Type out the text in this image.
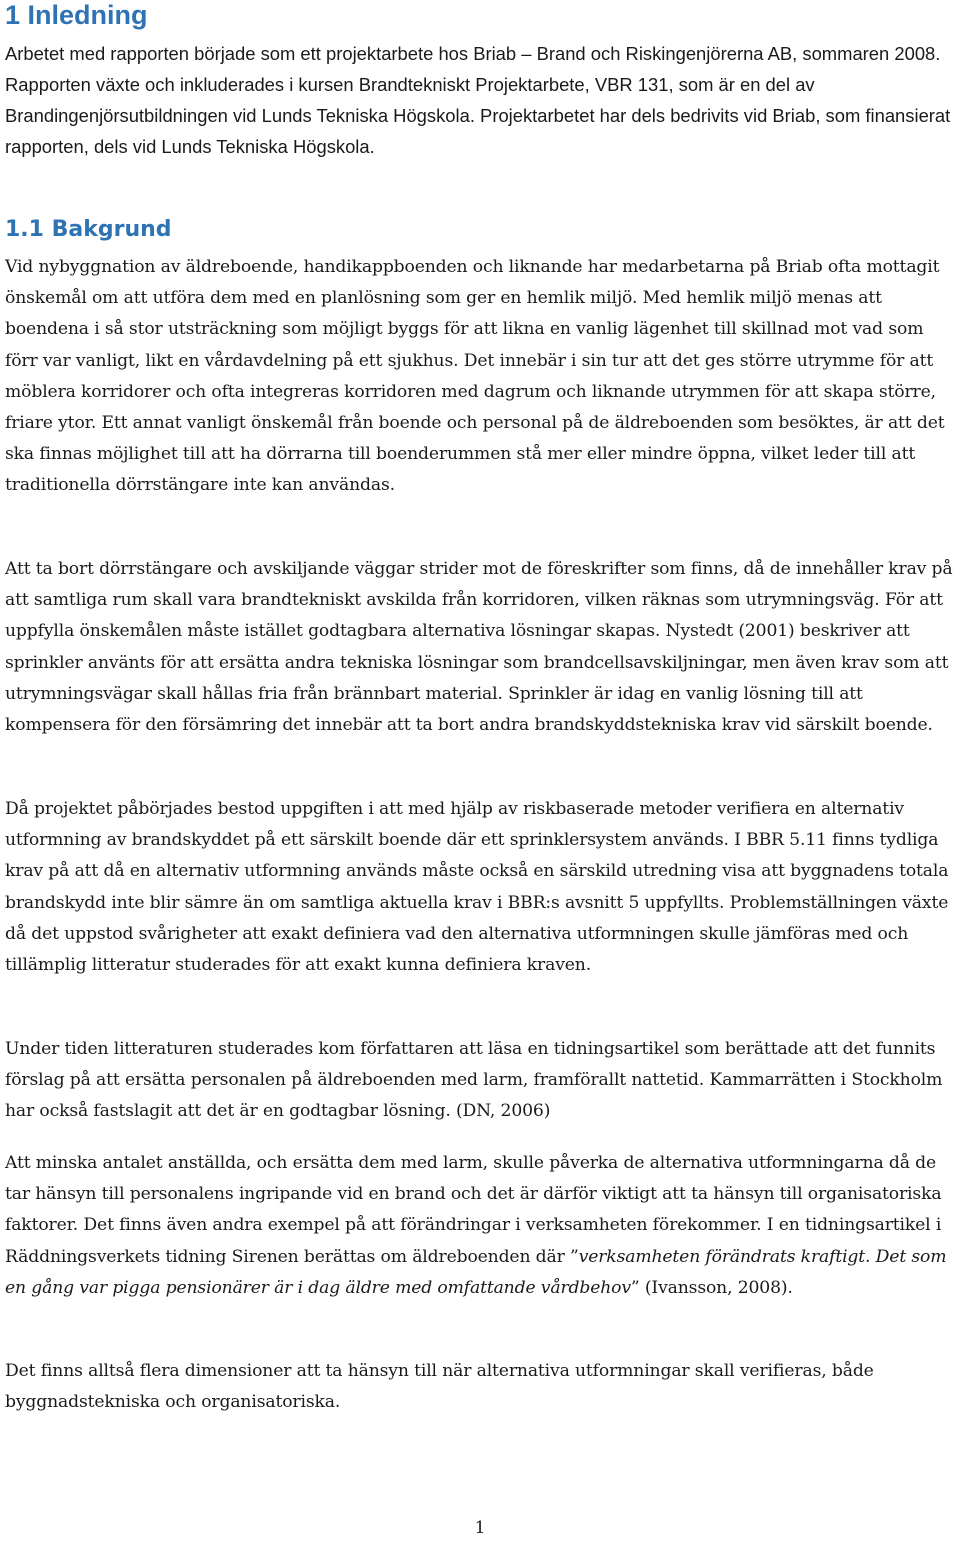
1 Inledning

Arbetet med rapporten började som ett projektarbete hos Briab – Brand och Riskingenjörerna AB, sommaren 2008. Rapporten växte och inkluderades i kursen Brandtekniskt Projektarbete, VBR 131, som är en del av Brandingenjörsutbildningen vid Lunds Tekniska Högskola. Projektarbetet har dels bedrivits vid Briab, som finansierat rapporten, dels vid Lunds Tekniska Högskola.

1.1 Bakgrund

Vid nybyggnation av äldreboende, handikappboenden och liknande har medarbetarna på Briab ofta mottagit önskemål om att utföra dem med en planlösning som ger en hemlik miljö. Med hemlik miljö menas att boendena i så stor utsträckning som möjligt byggs för att likna en vanlig lägenhet till skillnad mot vad som förr var vanligt, likt en vårdavdelning på ett sjukhus. Det innebär i sin tur att det ges större utrymme för att möblera korridorer och ofta integreras korridoren med dagrum och liknande utrymmen för att skapa större, friare ytor. Ett annat vanligt önskemål från boende och personal på de äldreboenden som besöktes, är att det ska finnas möjlighet till att ha dörrarna till boenderummen stå mer eller mindre öppna, vilket leder till att traditionella dörrstängare inte kan användas.

Att ta bort dörrstängare och avskiljande väggar strider mot de föreskrifter som finns, då de innehåller krav på att samtliga rum skall vara brandtekniskt avskilda från korridoren, vilken räknas som utrymningsväg. För att uppfylla önskemålen måste istället godtagbara alternativa lösningar skapas. Nystedt (2001) beskriver att sprinkler använts för att ersätta andra tekniska lösningar som brandcellsavskiljningar, men även krav som att utrymningsvägar skall hållas fria från brännbart material. Sprinkler är idag en vanlig lösning till att kompensera för den försämring det innebär att ta bort andra brandskyddstekniska krav vid särskilt boende.

Då projektet påbörjades bestod uppgiften i att med hjälp av riskbaserade metoder verifiera en alternativ utformning av brandskyddet på ett särskilt boende där ett sprinklersystem används. I BBR 5.11 finns tydliga krav på att då en alternativ utformning används måste också en särskild utredning visa att byggnadens totala brandskydd inte blir sämre än om samtliga aktuella krav i BBR:s avsnitt 5 uppfyllts. Problemställningen växte då det uppstod svårigheter att exakt definiera vad den alternativa utformningen skulle jämföras med och tillämplig litteratur studerades för att exakt kunna definiera kraven.

Under tiden litteraturen studerades kom författaren att läsa en tidningsartikel som berättade att det funnits förslag på att ersätta personalen på äldreboenden med larm, framförallt nattetid. Kammarrätten i Stockholm har också fastslagit att det är en godtagbar lösning. (DN, 2006)

Att minska antalet anställda, och ersätta dem med larm, skulle påverka de alternativa utformningarna då de tar hänsyn till personalens ingripande vid en brand och det är därför viktigt att ta hänsyn till organisatoriska faktorer. Det finns även andra exempel på att förändringar i verksamheten förekommer. I en tidningsartikel i Räddningsverkets tidning Sirenen berättas om äldreboenden där ”verksamheten förändrats kraftigt. Det som en gång var pigga pensionärer är i dag äldre med omfattande vårdbehov” (Ivansson, 2008).

Det finns alltså flera dimensioner att ta hänsyn till när alternativa utformningar skall verifieras, både byggnadstekniska och organisatoriska.

1
